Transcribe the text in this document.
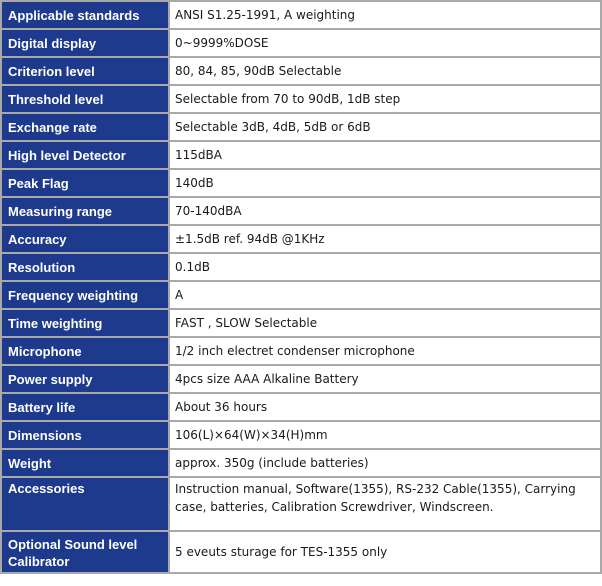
Applicable standards	ANSI S1.25-1991, A weighting
Digital display	0~9999%DOSE
Criterion level	80, 84, 85, 90dB Selectable
Threshold level	Selectable from 70 to 90dB, 1dB step
Exchange rate	Selectable 3dB, 4dB, 5dB or 6dB
High level Detector	115dBA
Peak Flag	140dB
Measuring range	70-140dBA
Accuracy	±1.5dB ref. 94dB @1KHz
Resolution	0.1dB
Frequency weighting	A
Time weighting	FAST , SLOW Selectable
Microphone	1/2 inch electret condenser microphone
Power supply	4pcs size AAA Alkaline Battery
Battery life	About 36 hours
Dimensions	106(L)×64(W)×34(H)mm
Weight	approx. 350g (include batteries)
Accessories	Instruction manual, Software(1355), RS-232 Cable(1355), Carrying case, batteries, Calibration Screwdriver, Windscreen.
Optional Sound level Calibrator	5 eveuts sturage for TES-1355 only
